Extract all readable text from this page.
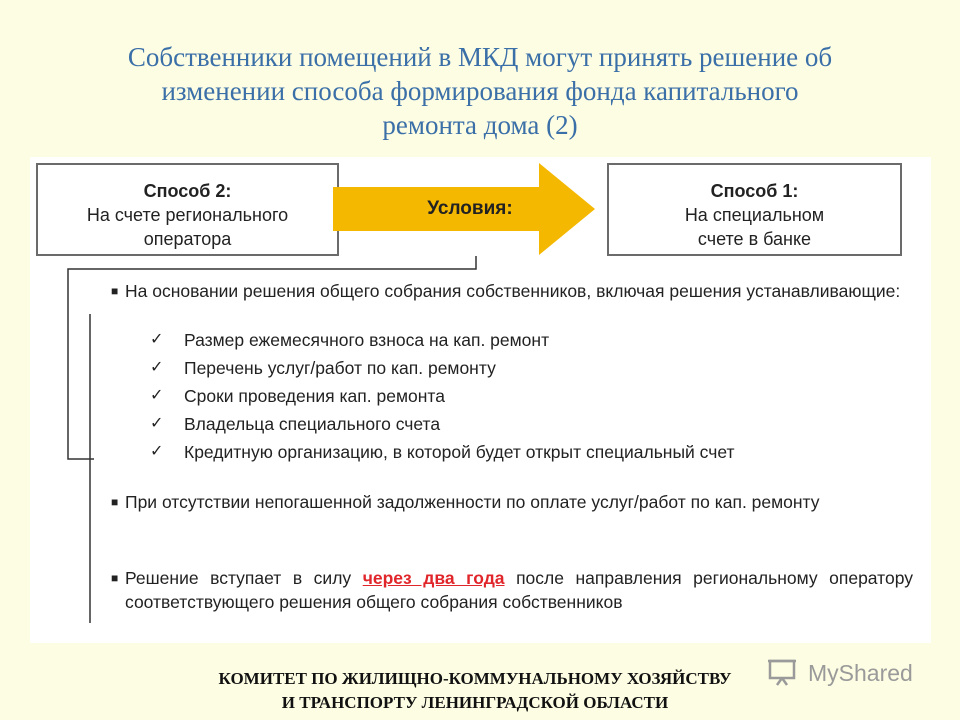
Собственники помещений в МКД могут принять решение об
изменении способа формирования фонда капитального
ремонта дома (2)
Способ 2:
На счете регионального
оператора
Условия:
Способ 1:
На специальном
счете в банке
■ На основании решения общего собрания собственников, включая решения устанавливающие:
✓ Размер ежемесячного взноса на кап. ремонт
✓ Перечень услуг/работ по кап. ремонту
✓ Сроки проведения кап. ремонта
✓ Владельца специального счета
✓ Кредитную организацию, в которой будет открыт специальный счет
■ При отсутствии непогашенной задолженности по оплате услуг/работ по кап. ремонту
■ Решение вступает в силу через два года после направления региональному оператору соответствующего решения общего собрания собственников
КОМИТЕТ ПО ЖИЛИЩНО-КОММУНАЛЬНОМУ ХОЗЯЙСТВУ
И ТРАНСПОРТУ ЛЕНИНГРАДСКОЙ ОБЛАСТИ
MyShared
